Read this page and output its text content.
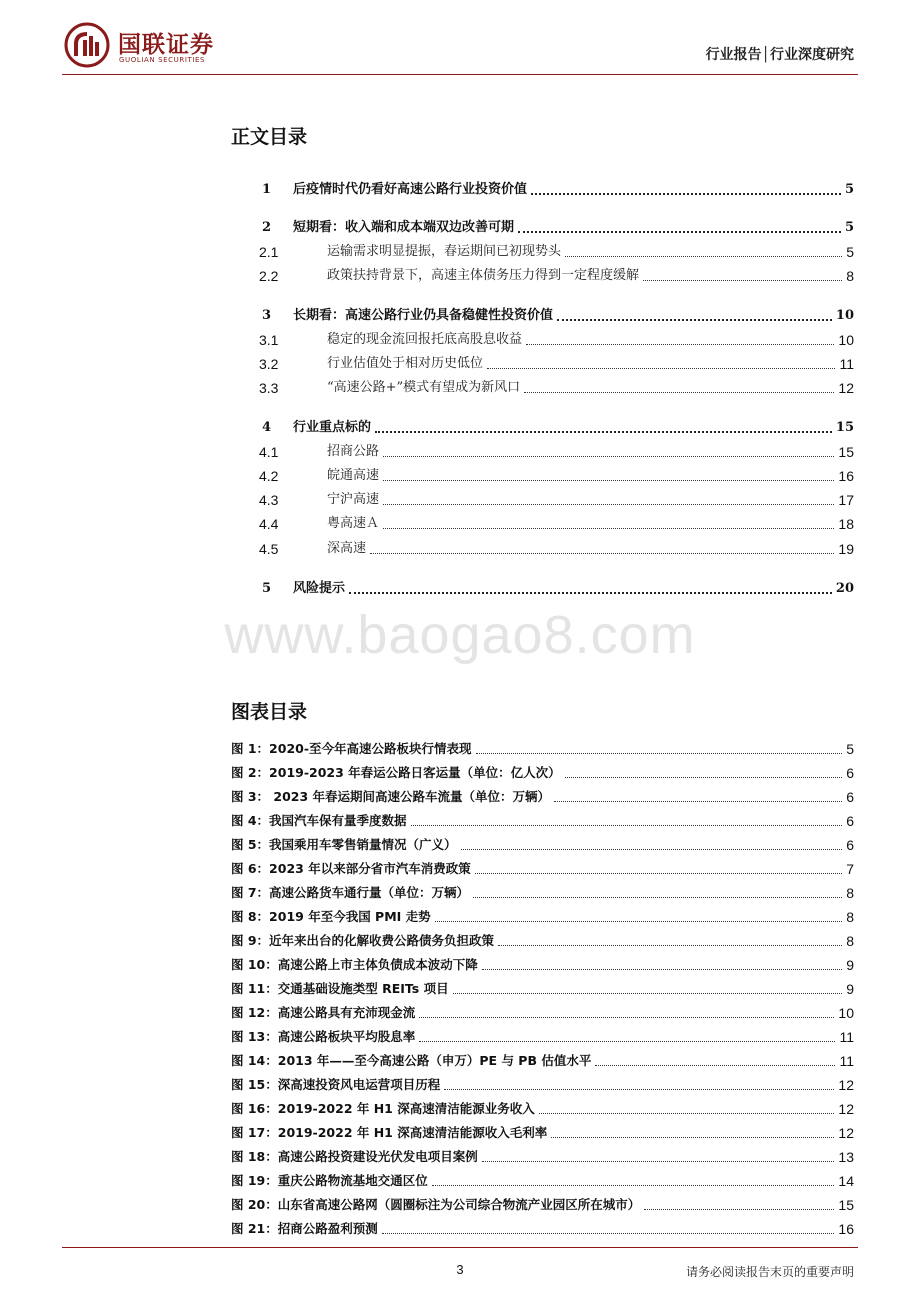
国联证券
GUOLIAN SECURITIES	行业报告│行业深度研究
正文目录
1	后疫情时代仍看好高速公路行业投资价值	5
2	短期看：收入端和成本端双边改善可期	5
2.1	运输需求明显提振，春运期间已初现势头	5
2.2	政策扶持背景下，高速主体债务压力得到一定程度缓解	8
3	长期看：高速公路行业仍具备稳健性投资价值	10
3.1	稳定的现金流回报托底高股息收益	10
3.2	行业估值处于相对历史低位	11
3.3	“高速公路+”模式有望成为新风口	12
4	行业重点标的	15
4.1	招商公路	15
4.2	皖通高速	16
4.3	宁沪高速	17
4.4	粤高速Ａ	18
4.5	深高速	19
5	风险提示	20
www.baogao8.com
图表目录
图 1：2020-至今年高速公路板块行情表现	5
图 2：2019-2023 年春运公路日客运量（单位：亿人次）	6
图 3： 2023 年春运期间高速公路车流量（单位：万辆）	6
图 4：我国汽车保有量季度数据	6
图 5：我国乘用车零售销量情况（广义）	6
图 6：2023 年以来部分省市汽车消费政策	7
图 7：高速公路货车通行量（单位：万辆）	8
图 8：2019 年至今我国 PMI 走势	8
图 9：近年来出台的化解收费公路债务负担政策	8
图 10：高速公路上市主体负债成本波动下降	9
图 11：交通基础设施类型 REITs 项目	9
图 12：高速公路具有充沛现金流	10
图 13：高速公路板块平均股息率	11
图 14：2013 年——至今高速公路（申万）PE 与 PB 估值水平	11
图 15：深高速投资风电运营项目历程	12
图 16：2019-2022 年 H1 深高速清洁能源业务收入	12
图 17：2019-2022 年 H1 深高速清洁能源收入毛利率	12
图 18：高速公路投资建设光伏发电项目案例	13
图 19：重庆公路物流基地交通区位	14
图 20：山东省高速公路网（圆圈标注为公司综合物流产业园区所在城市）	15
图 21：招商公路盈利预测	16
3	请务必阅读报告末页的重要声明
